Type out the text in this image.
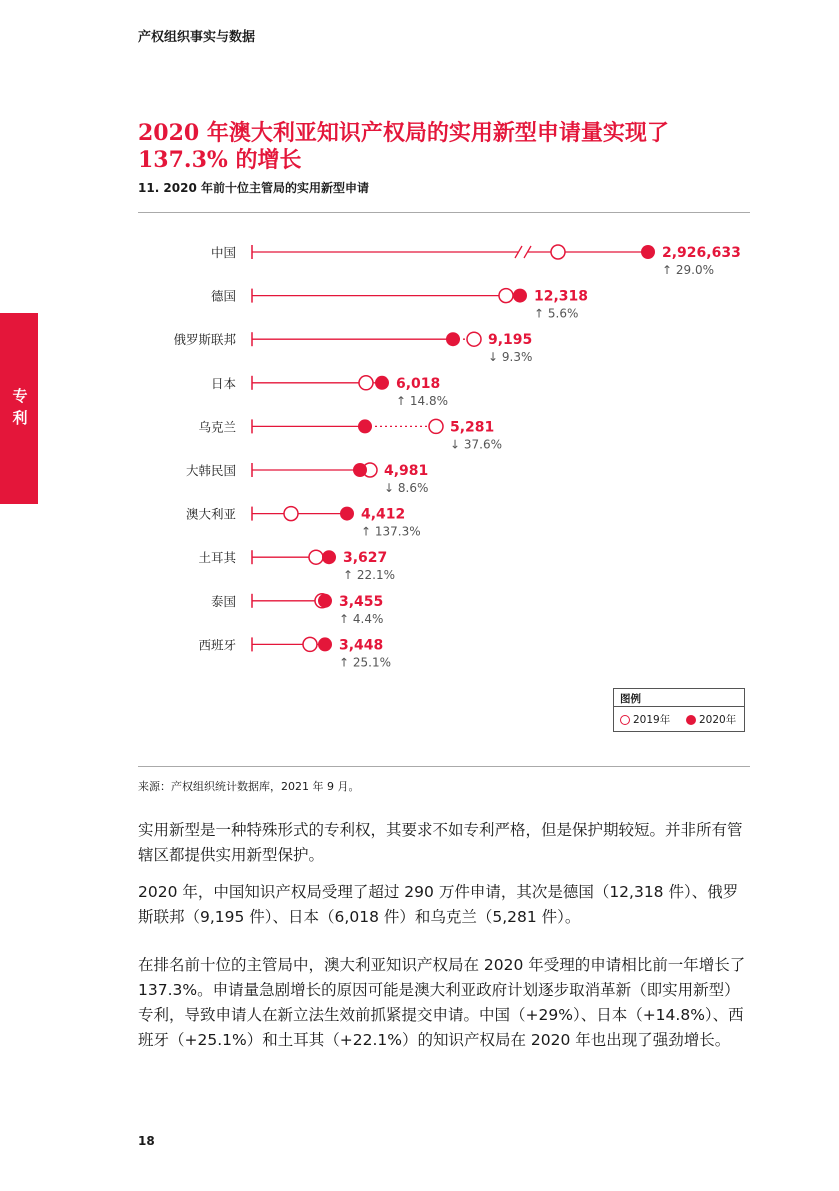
产权组织事实与数据
专利
2020 年澳大利亚知识产权局的实用新型申请量实现了 137.3% 的增长
11. 2020 年前十位主管局的实用新型申请
中国	2,926,633
↑ 29.0%
德国	12,318
↑ 5.6%
俄罗斯联邦	9,195
↓ 9.3%
日本	6,018
↑ 14.8%
乌克兰	5,281
↓ 37.6%
大韩民国	4,981
↓ 8.6%
澳大利亚	4,412
↑ 137.3%
土耳其	3,627
↑ 22.1%
泰国	3,455
↑ 4.4%
西班牙	3,448
↑ 25.1%
图例
2019年	2020年
来源：产权组织统计数据库，2021 年 9 月。
实用新型是一种特殊形式的专利权，其要求不如专利严格，但是保护期较短。并非所有管辖区都提供实用新型保护。
2020 年，中国知识产权局受理了超过 290 万件申请，其次是德国（12,318 件）、俄罗斯联邦（9,195 件）、日本（6,018 件）和乌克兰（5,281 件）。
在排名前十位的主管局中，澳大利亚知识产权局在 2020 年受理的申请相比前一年增长了 137.3%。申请量急剧增长的原因可能是澳大利亚政府计划逐步取消革新（即实用新型）专利，导致申请人在新立法生效前抓紧提交申请。中国（+29%）、日本（+14.8%）、西班牙（+25.1%）和土耳其（+22.1%）的知识产权局在 2020 年也出现了强劲增长。
18
